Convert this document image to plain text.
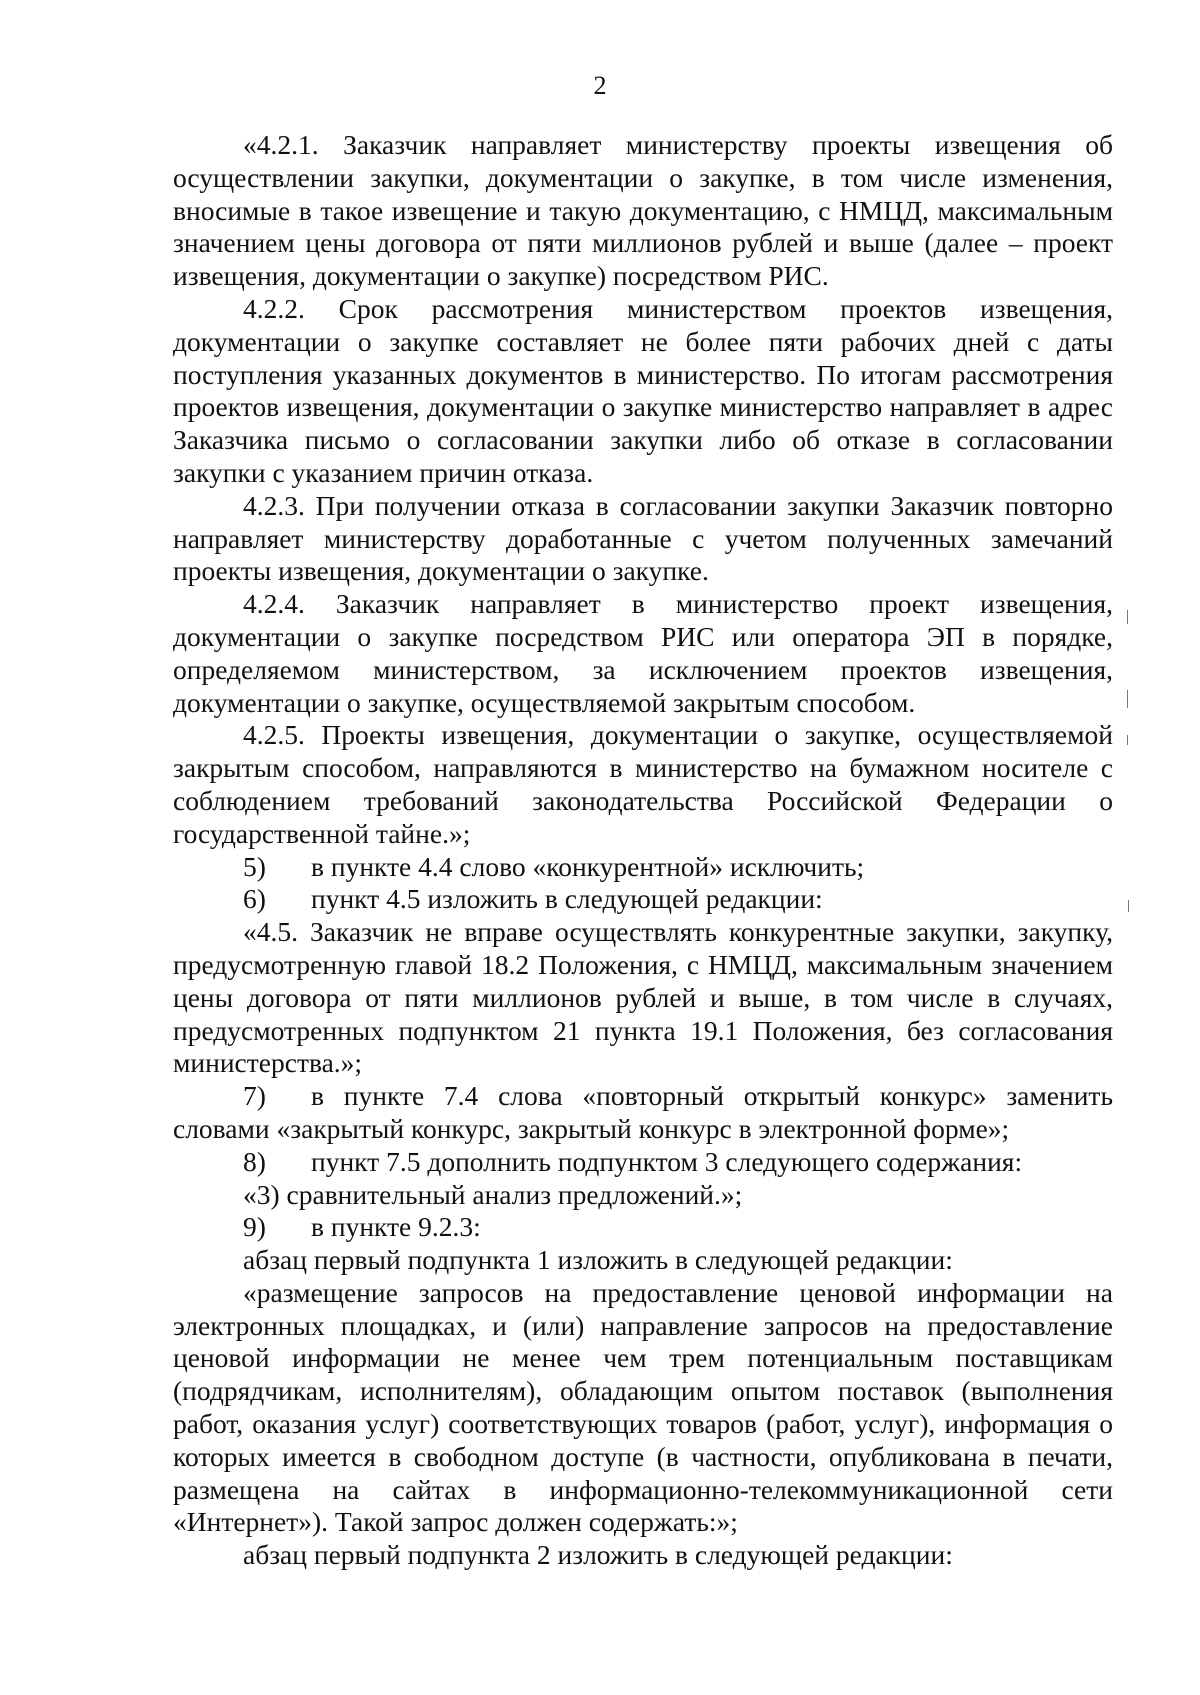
2

«4.2.1. Заказчик направляет министерству проекты извещения об осуществлении закупки, документации о закупке, в том числе изменения, вносимые в такое извещение и такую документацию, с НМЦД, максимальным значением цены договора от пяти миллионов рублей и выше (далее – проект извещения, документации о закупке) посредством РИС.

4.2.2. Срок рассмотрения министерством проектов извещения, документации о закупке составляет не более пяти рабочих дней с даты поступления указанных документов в министерство. По итогам рассмотрения проектов извещения, документации о закупке министерство направляет в адрес Заказчика письмо о согласовании закупки либо об отказе в согласовании закупки с указанием причин отказа.

4.2.3. При получении отказа в согласовании закупки Заказчик повторно направляет министерству доработанные с учетом полученных замечаний проекты извещения, документации о закупке.

4.2.4. Заказчик направляет в министерство проект извещения, документации о закупке посредством РИС или оператора ЭП в порядке, определяемом министерством, за исключением проектов извещения, документации о закупке, осуществляемой закрытым способом.

4.2.5. Проекты извещения, документации о закупке, осуществляемой закрытым способом, направляются в министерство на бумажном носителе с соблюдением требований законодательства Российской Федерации о государственной тайне.»;

5) в пункте 4.4 слово «конкурентной» исключить;

6) пункт 4.5 изложить в следующей редакции:

«4.5. Заказчик не вправе осуществлять конкурентные закупки, закупку, предусмотренную главой 18.2 Положения, с НМЦД, максимальным значением цены договора от пяти миллионов рублей и выше, в том числе в случаях, предусмотренных подпунктом 21 пункта 19.1 Положения, без согласования министерства.»;

7) в пункте 7.4 слова «повторный открытый конкурс» заменить словами «закрытый конкурс, закрытый конкурс в электронной форме»;

8) пункт 7.5 дополнить подпунктом 3 следующего содержания:

«3) сравнительный анализ предложений.»;

9) в пункте 9.2.3:

абзац первый подпункта 1 изложить в следующей редакции:

«размещение запросов на предоставление ценовой информации на электронных площадках, и (или) направление запросов на предоставление ценовой информации не менее чем трем потенциальным поставщикам (подрядчикам, исполнителям), обладающим опытом поставок (выполнения работ, оказания услуг) соответствующих товаров (работ, услуг), информация о которых имеется в свободном доступе (в частности, опубликована в печати, размещена на сайтах в информационно-телекоммуникационной сети «Интернет»). Такой запрос должен содержать:»;

абзац первый подпункта 2 изложить в следующей редакции:
